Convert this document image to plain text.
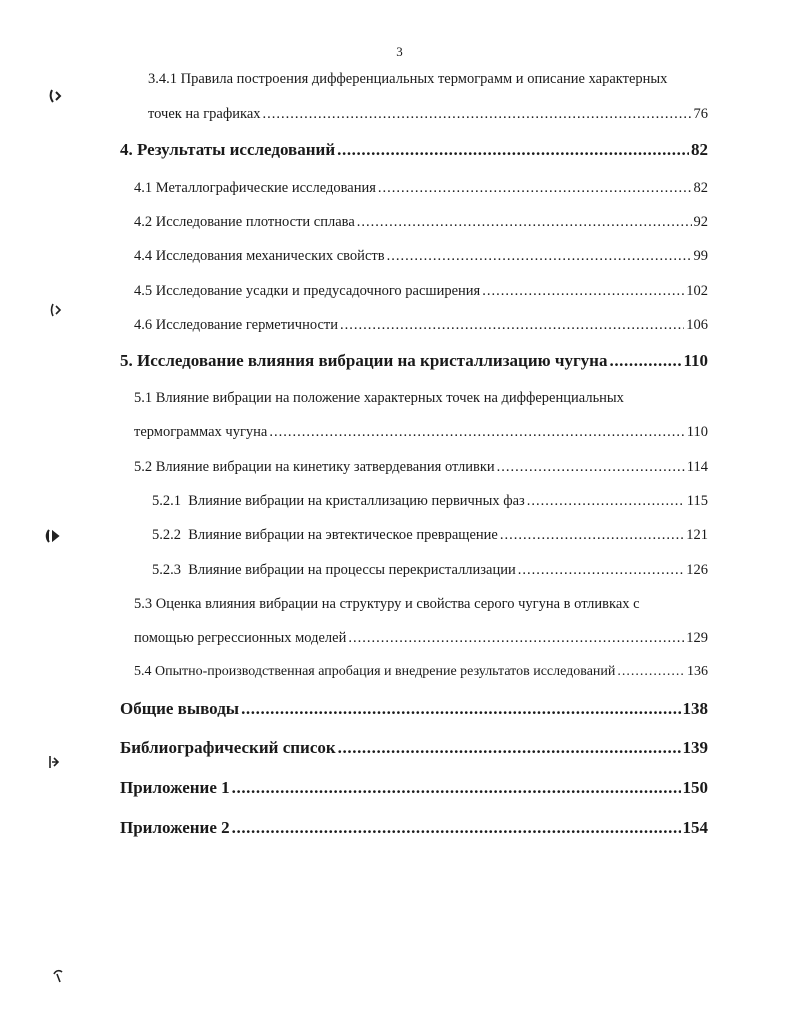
3
3.4.1 Правила построения дифференциальных термограмм и описание характерных
точек на графиках .....	76
4. Результаты исследований .....	82
4.1 Металлографические исследования .....	82
4.2 Исследование плотности сплава .....	92
4.4 Исследования механических свойств .....	99
4.5 Исследование усадки и предусадочного расширения .....	102
4.6 Исследование герметичности .....	106
5. Исследование влияния вибрации на кристаллизацию чугуна .....	110
5.1 Влияние вибрации на положение характерных точек на дифференциальных
термограммах чугуна .....	110
5.2 Влияние вибрации на кинетику затвердевания отливки .....	114
5.2.1  Влияние вибрации на кристаллизацию первичных фаз .....	115
5.2.2  Влияние вибрации на эвтектическое превращение .....	121
5.2.3  Влияние вибрации на процессы перекристаллизации .....	126
5.3 Оценка влияния вибрации на структуру и свойства серого чугуна в отливках с
помощью регрессионных моделей .....	129
5.4 Опытно-производственная апробация и внедрение результатов исследований .....	136
Общие выводы .....	138
Библиографический список .....	139
Приложение 1 .....	150
Приложение 2 .....	154
